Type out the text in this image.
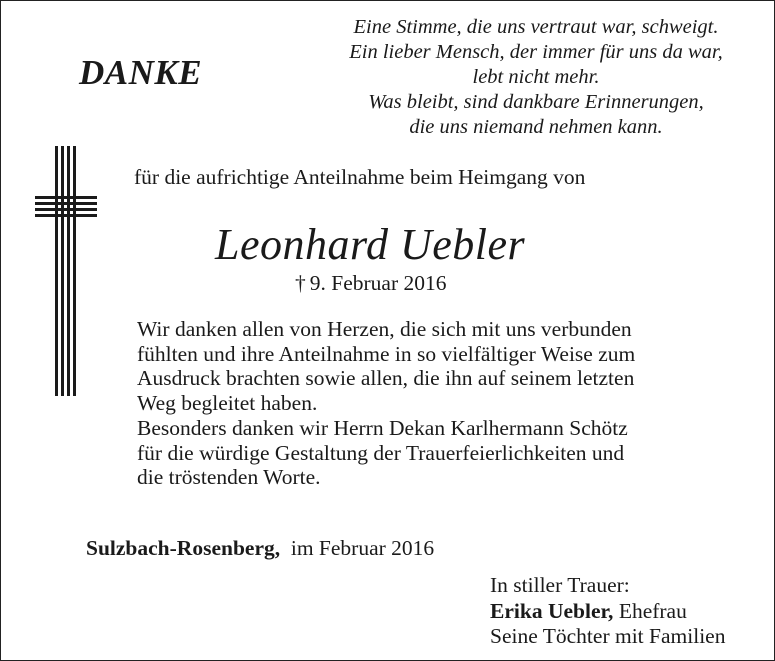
DANKE
Eine Stimme, die uns vertraut war, schweigt.
Ein lieber Mensch, der immer für uns da war,
lebt nicht mehr.
Was bleibt, sind dankbare Erinnerungen,
die uns niemand nehmen kann.
für die aufrichtige Anteilnahme beim Heimgang von
Leonhard Uebler
† 9. Februar 2016
Wir danken allen von Herzen, die sich mit uns verbunden
fühlten und ihre Anteilnahme in so vielfältiger Weise zum
Ausdruck brachten sowie allen, die ihn auf seinem letzten
Weg begleitet haben.
Besonders danken wir Herrn Dekan Karlhermann Schötz
für die würdige Gestaltung der Trauerfeierlichkeiten und
die tröstenden Worte.
Sulzbach-Rosenberg, im Februar 2016
In stiller Trauer:
Erika Uebler, Ehefrau
Seine Töchter mit Familien
